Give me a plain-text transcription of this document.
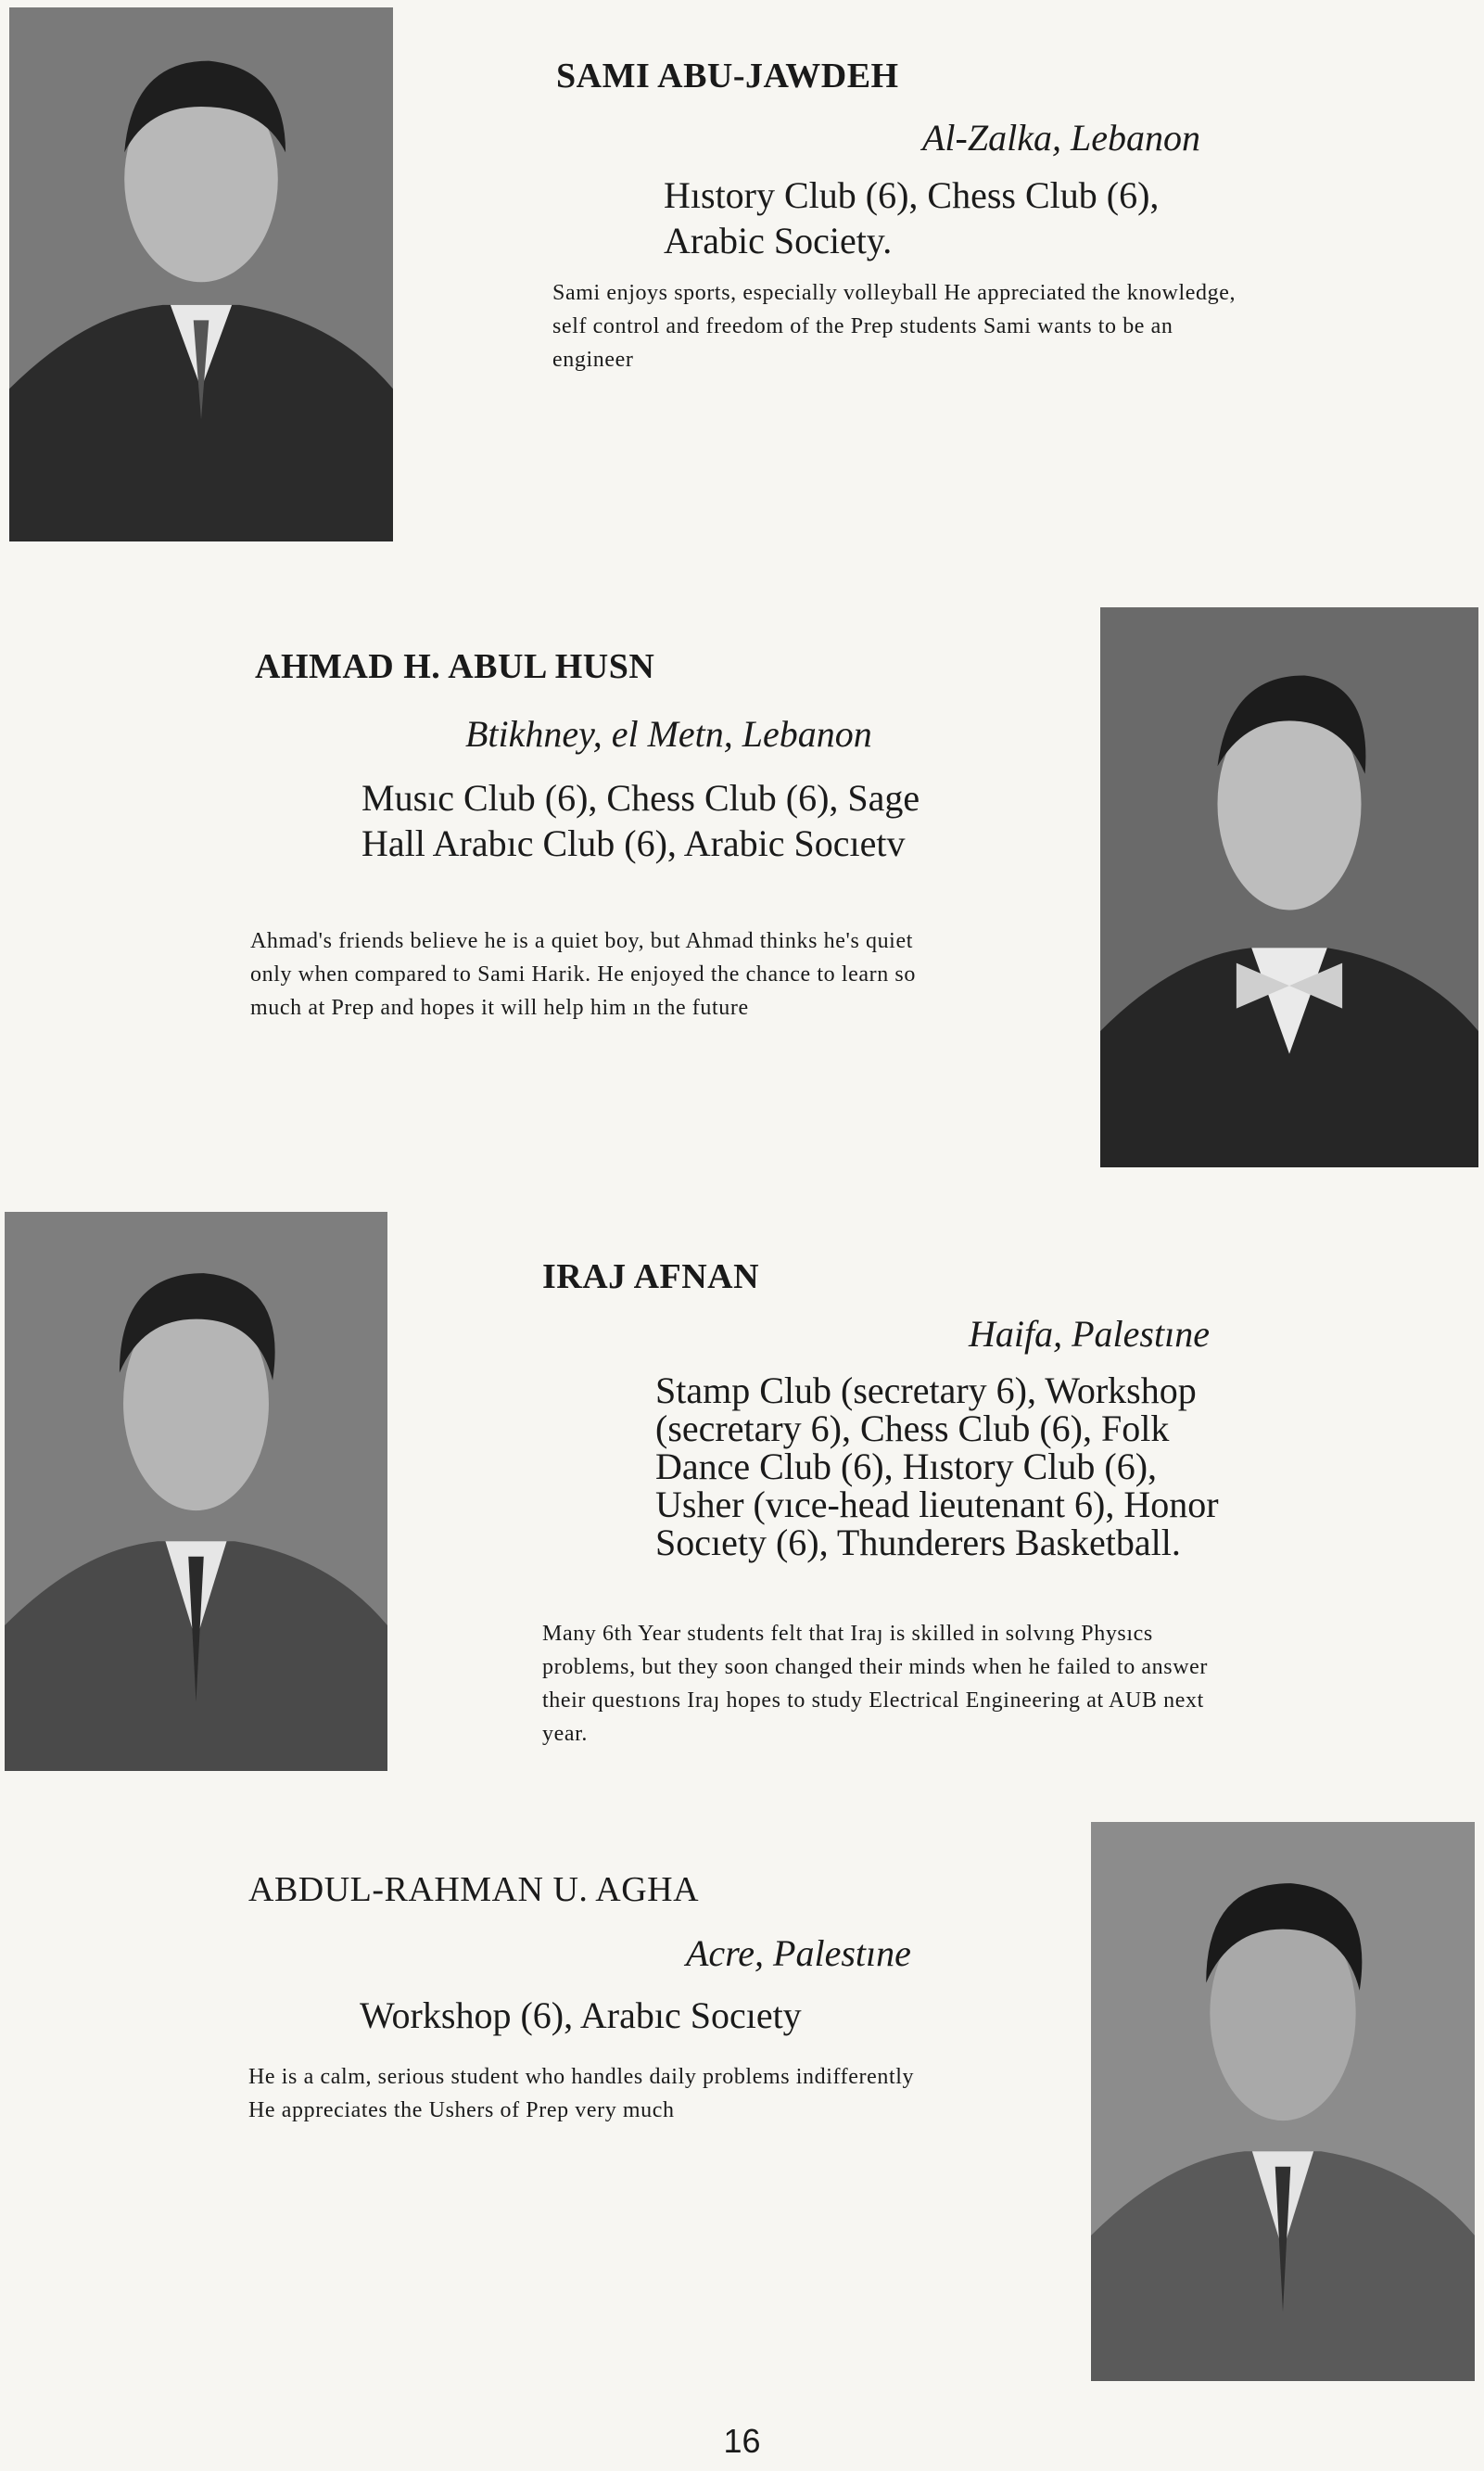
SAMI ABU-JAWDEH
Al-Zalka, Lebanon
Hıstory Club (6), Chess Club (6), Arabic Society.
Sami enjoys sports, especially volleyball He appreciated the knowledge, self control and freedom of the Prep students Sami wants to be an engineer
AHMAD H. ABUL HUSN
Btikhney, el Metn, Lebanon
Musıc Club (6), Chess Club (6), Sage Hall Arabıc Club (6), Arabic Socıetv
Ahmad's friends believe he is a quiet boy, but Ahmad thinks he's quiet only when compared to Sami Harik. He enjoyed the chance to learn so much at Prep and hopes it will help him ın the future
IRAJ AFNAN
Haifa, Palestıne
Stamp Club (secretary 6), Workshop (secretary 6), Chess Club (6), Folk Dance Club (6), Hıstory Club (6), Usher (vıce-head lieutenant 6), Honor Socıety (6), Thunderers Basketball.
Many 6th Year students felt that Iraȷ is skilled in solvıng Physıcs problems, but they soon changed their minds when he failed to answer their questıons Iraȷ hopes to study Electrical Engineering at AUB next year.
ABDUL-RAHMAN U. AGHA
Acre, Palestıne
Workshop (6), Arabıc Socıety
He is a calm, serious student who handles daily problems indifferently He appreciates the Ushers of Prep very much
16
